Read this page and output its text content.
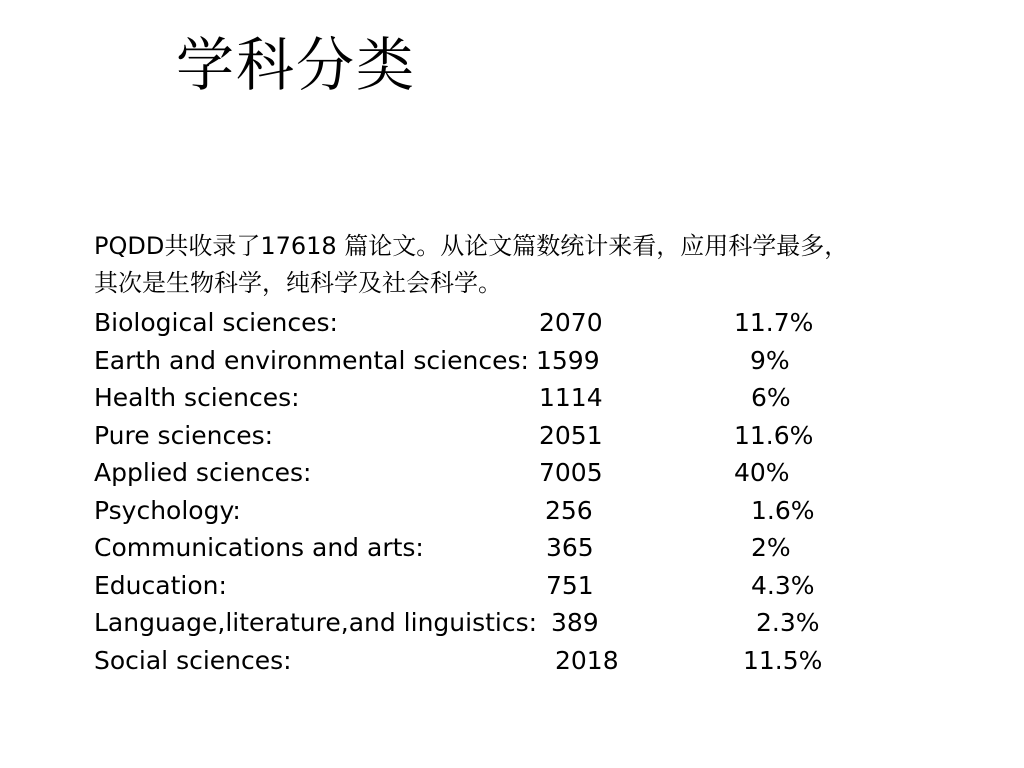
学科分类
PQDD共收录了17618 篇论文。从论文篇数统计来看，应用科学最多，
其次是生物科学，纯科学及社会科学。
Biological sciences:	2070	11.7%
Earth and environmental sciences: 1599	9%
Health sciences:	1114	6%
Pure sciences:	2051	11.6%
Applied sciences:	7005	40%
Psychology:	256	1.6%
Communications and arts:	365	2%
Education:	751	4.3%
Language,literature,and linguistics: 389	2.3%
Social sciences:	2018	11.5%
